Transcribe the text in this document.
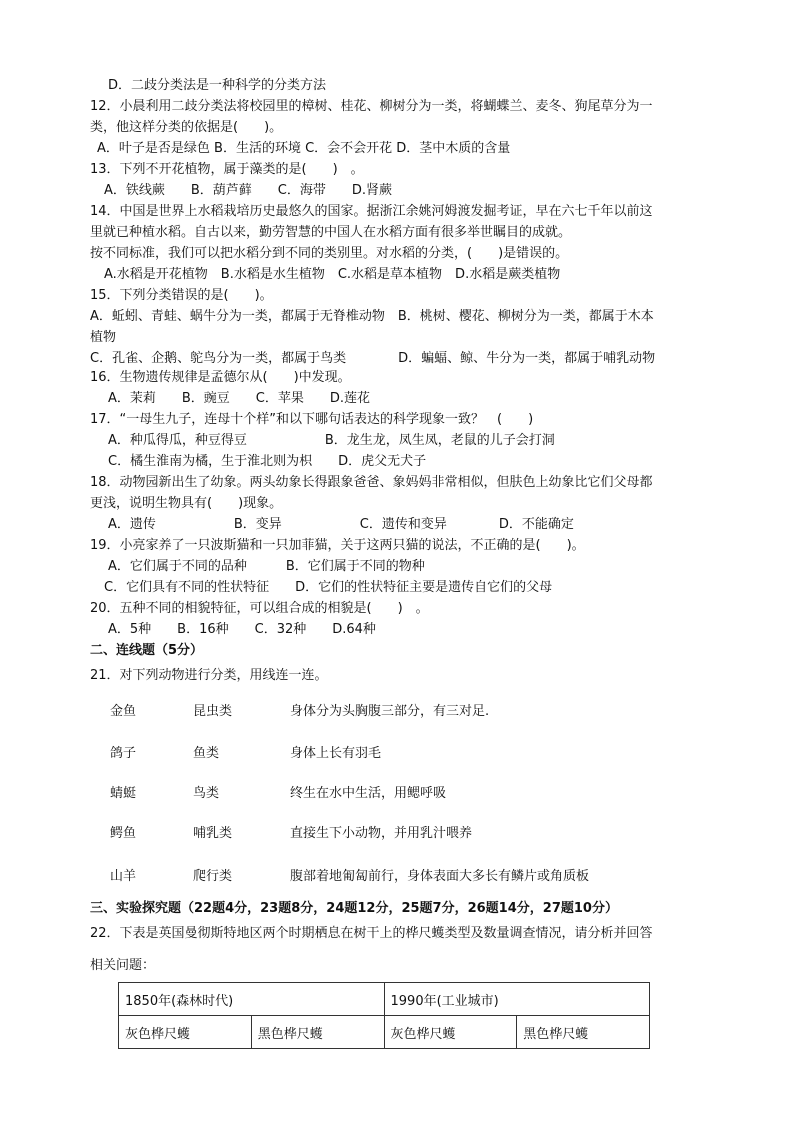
D．二歧分类法是一种科学的分类方法
12．小晨利用二歧分类法将校园里的樟树、桂花、柳树分为一类，将蝴蝶兰、麦冬、狗尾草分为一
类，他这样分类的依据是(　　)。
A．叶子是否是绿色 B．生活的环境 C．会不会开花 D．茎中木质的含量
13．下列不开花植物，属于藻类的是(　　)　。
A．铁线蕨　　B．葫芦藓　　C．海带　　D.肾蕨
14．中国是世界上水稻栽培历史最悠久的国家。据浙江余姚河姆渡发掘考证，早在六七千年以前这
里就已种植水稻。自古以来，勤劳智慧的中国人在水稻方面有很多举世瞩目的成就。
按不同标准，我们可以把水稻分到不同的类别里。对水稻的分类，(　　)是错误的。
A.水稻是开花植物　B.水稻是水生植物　C.水稻是草本植物　D.水稻是蕨类植物
15．下列分类错误的是(　　)。
A．蚯蚓、青蛙、蜗牛分为一类，都属于无脊椎动物　B．桃树、樱花、柳树分为一类，都属于木本
植物
C．孔雀、企鹅、鸵鸟分为一类，都属于鸟类　　　　D．蝙蝠、鲸、牛分为一类，都属于哺乳动物
16．生物遗传规律是孟德尔从(　　)中发现。
A．茉莉　　B．豌豆　　C．苹果　　D.莲花
17．“一母生九子，连母十个样”和以下哪句话表达的科学现象一致？　(　　)
A．种瓜得瓜，种豆得豆　　　　　　B．龙生龙，凤生凤，老鼠的儿子会打洞
C．橘生淮南为橘，生于淮北则为枳　　D．虎父无犬子
18．动物园新出生了幼象。两头幼象长得跟象爸爸、象妈妈非常相似，但肤色上幼象比它们父母都
更浅，说明生物具有(　　)现象。
A．遗传　　　　　　B．变异　　　　　　C．遗传和变异　　　　D．不能确定
19．小亮家养了一只波斯猫和一只加菲猫，关于这两只猫的说法，不正确的是(　　)。
A．它们属于不同的品种　　　B．它们属于不同的物种
C．它们具有不同的性状特征　　D．它们的性状特征主要是遗传自它们的父母
20．五种不同的相貌特征，可以组合成的相貌是(　　)　。
A．5种　　B．16种　　C．32种　　D.64种
二、连线题（5分）
21．对下列动物进行分类，用线连一连。
金鱼	昆虫类	身体分为头胸腹三部分，有三对足.
鸽子	鱼类	身体上长有羽毛
蜻蜓	鸟类	终生在水中生活，用鳃呼吸
鳄鱼	哺乳类	直接生下小动物，并用乳汁喂养
山羊	爬行类	腹部着地匍匐前行，身体表面大多长有鳞片或角质板
三、实验探究题（22题4分，23题8分，24题12分，25题7分，26题14分，27题10分）
22．下表是英国曼彻斯特地区两个时期栖息在树干上的桦尺蠖类型及数量调查情况，请分析并回答
相关问题：
1850年(森林时代)		1990年(工业城市)	
灰色桦尺蠖	黑色桦尺蠖	灰色桦尺蠖	黑色桦尺蠖
